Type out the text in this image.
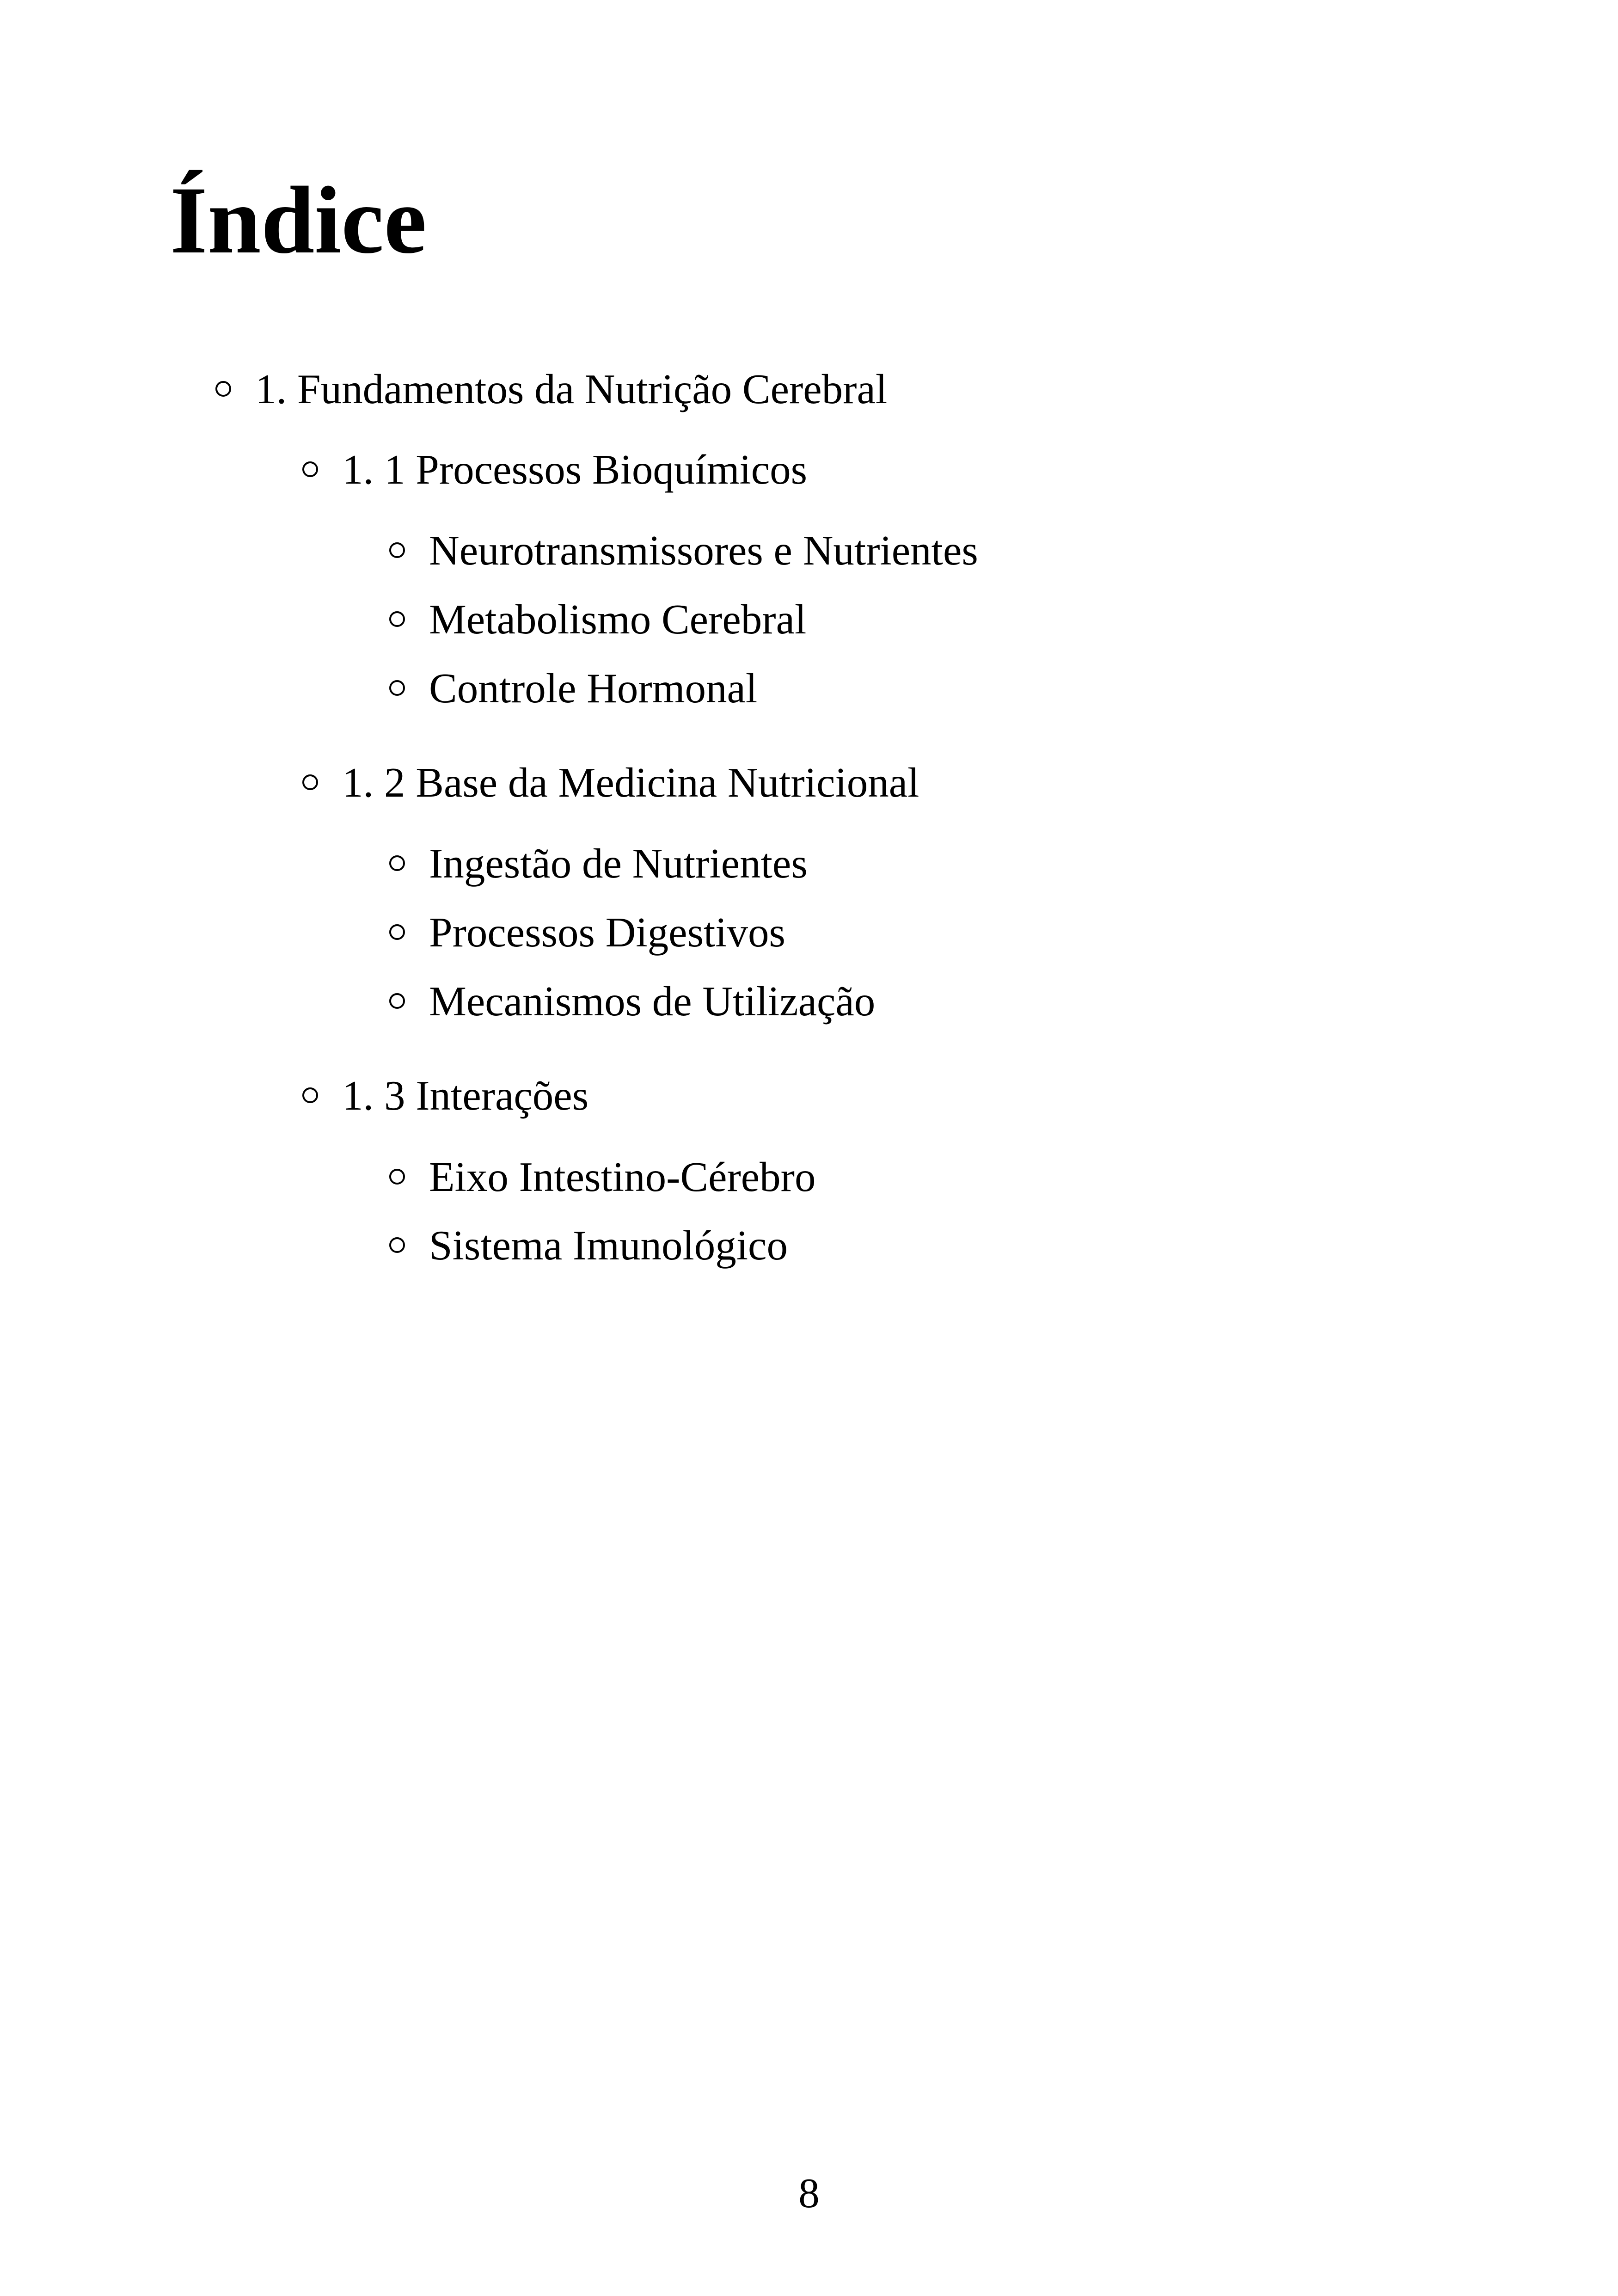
Índice
1. Fundamentos da Nutrição Cerebral
1. 1 Processos Bioquímicos
Neurotransmissores e Nutrientes
Metabolismo Cerebral
Controle Hormonal
1. 2 Base da Medicina Nutricional
Ingestão de Nutrientes
Processos Digestivos
Mecanismos de Utilização
1. 3 Interações
Eixo Intestino-Cérebro
Sistema Imunológico
8
